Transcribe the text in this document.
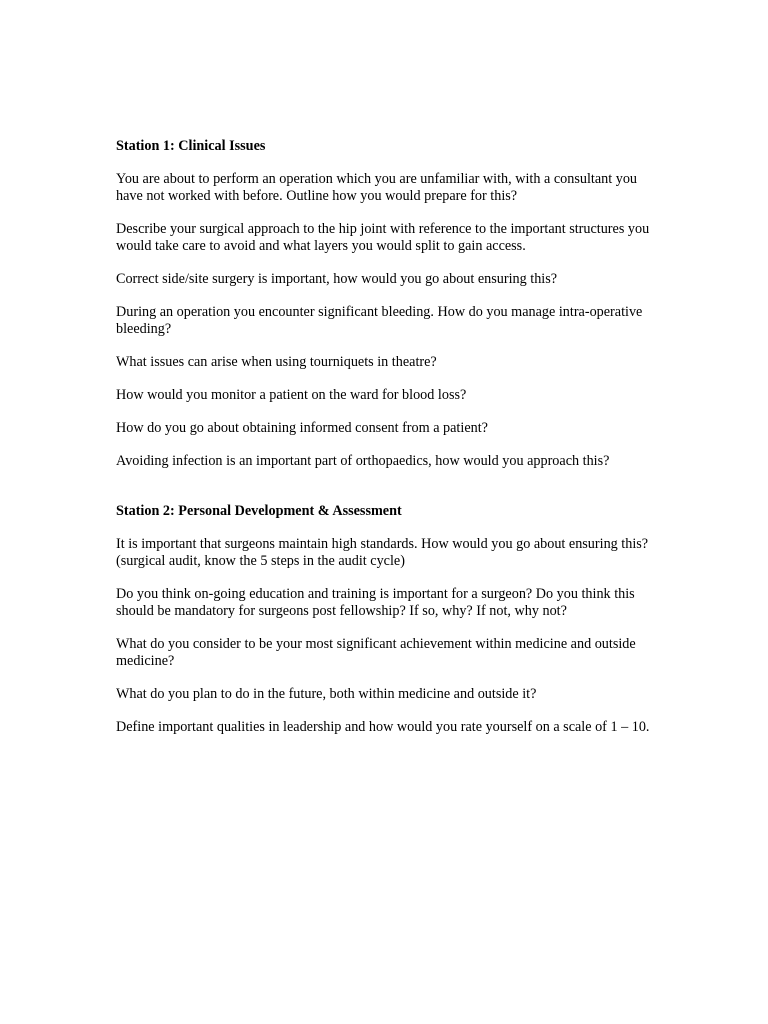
Station 1: Clinical Issues

You are about to perform an operation which you are unfamiliar with, with a consultant you have not worked with before. Outline how you would prepare for this?

Describe your surgical approach to the hip joint with reference to the important structures you would take care to avoid and what layers you would split to gain access.

Correct side/site surgery is important, how would you go about ensuring this?

During an operation you encounter significant bleeding. How do you manage intra-operative bleeding?

What issues can arise when using tourniquets in theatre?

How would you monitor a patient on the ward for blood loss?

How do you go about obtaining informed consent from a patient?

Avoiding infection is an important part of orthopaedics, how would you approach this?

Station 2: Personal Development & Assessment

It is important that surgeons maintain high standards. How would you go about ensuring this? (surgical audit, know the 5 steps in the audit cycle)

Do you think on-going education and training is important for a surgeon? Do you think this should be mandatory for surgeons post fellowship? If so, why? If not, why not?

What do you consider to be your most significant achievement within medicine and outside medicine?

What do you plan to do in the future, both within medicine and outside it?

Define important qualities in leadership and how would you rate yourself on a scale of 1 – 10.
